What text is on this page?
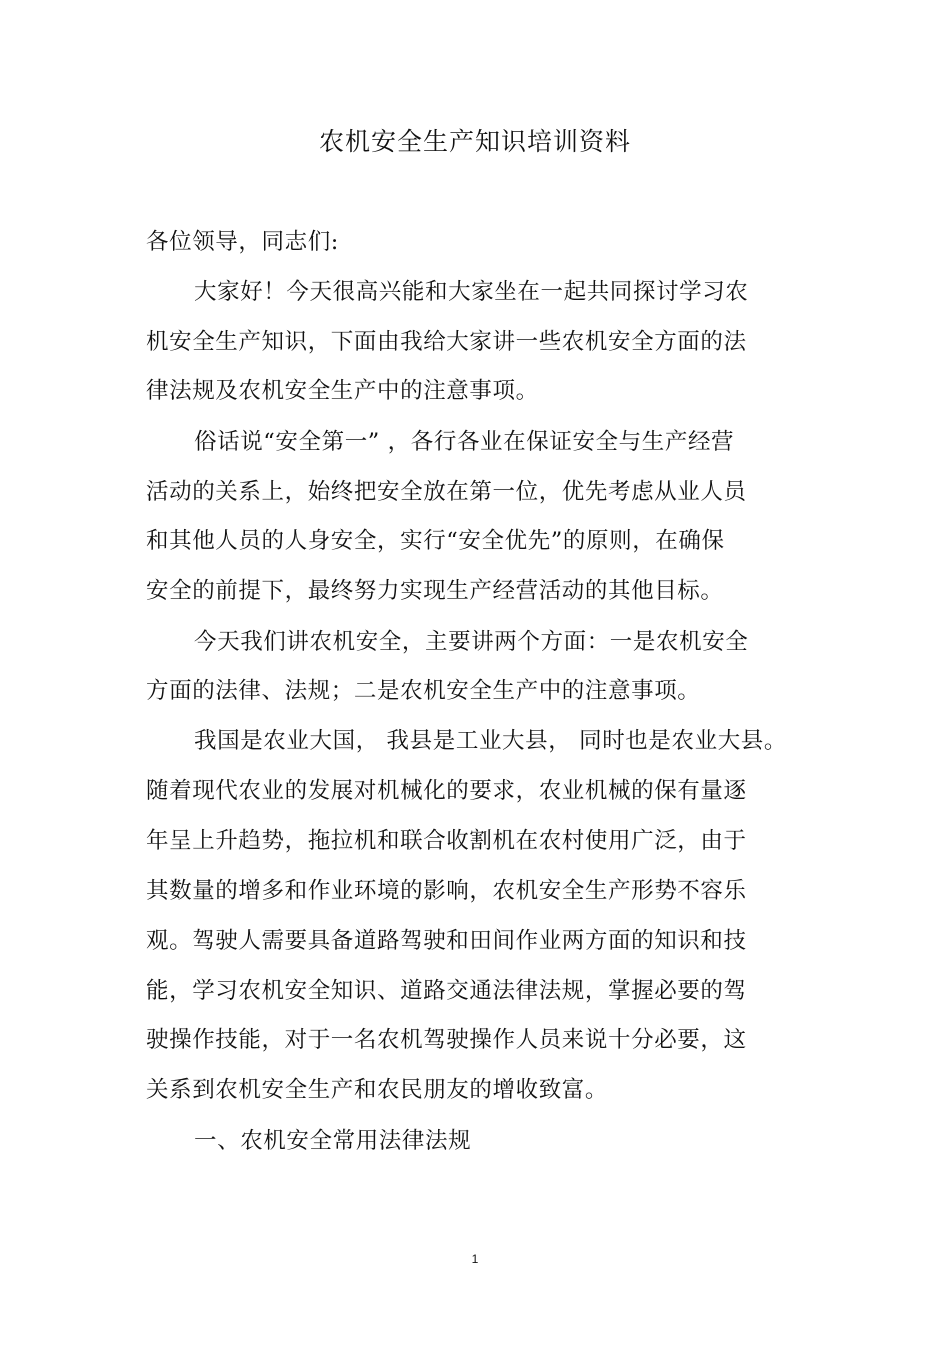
农机安全生产知识培训资料
各位领导，同志们:
大家好！今天很高兴能和大家坐在一起共同探讨学习农
机安全生产知识，下面由我给大家讲一些农机安全方面的法
律法规及农机安全生产中的注意事项。
俗话说“安全第一” ，各行各业在保证安全与生产经营
活动的关系上，始终把安全放在第一位，优先考虑从业人员
和其他人员的人身安全，实行“安全优先”的原则，在确保
安全的前提下，最终努力实现生产经营活动的其他目标。
今天我们讲农机安全，主要讲两个方面：一是农机安全
方面的法律、法规；二是农机安全生产中的注意事项。
我国是农业大国， 我县是工业大县， 同时也是农业大县。
随着现代农业的发展对机械化的要求，农业机械的保有量逐
年呈上升趋势，拖拉机和联合收割机在农村使用广泛，由于
其数量的增多和作业环境的影响，农机安全生产形势不容乐
观。驾驶人需要具备道路驾驶和田间作业两方面的知识和技
能，学习农机安全知识、道路交通法律法规，掌握必要的驾
驶操作技能，对于一名农机驾驶操作人员来说十分必要，这
关系到农机安全生产和农民朋友的增收致富。
一、农机安全常用法律法规
1
